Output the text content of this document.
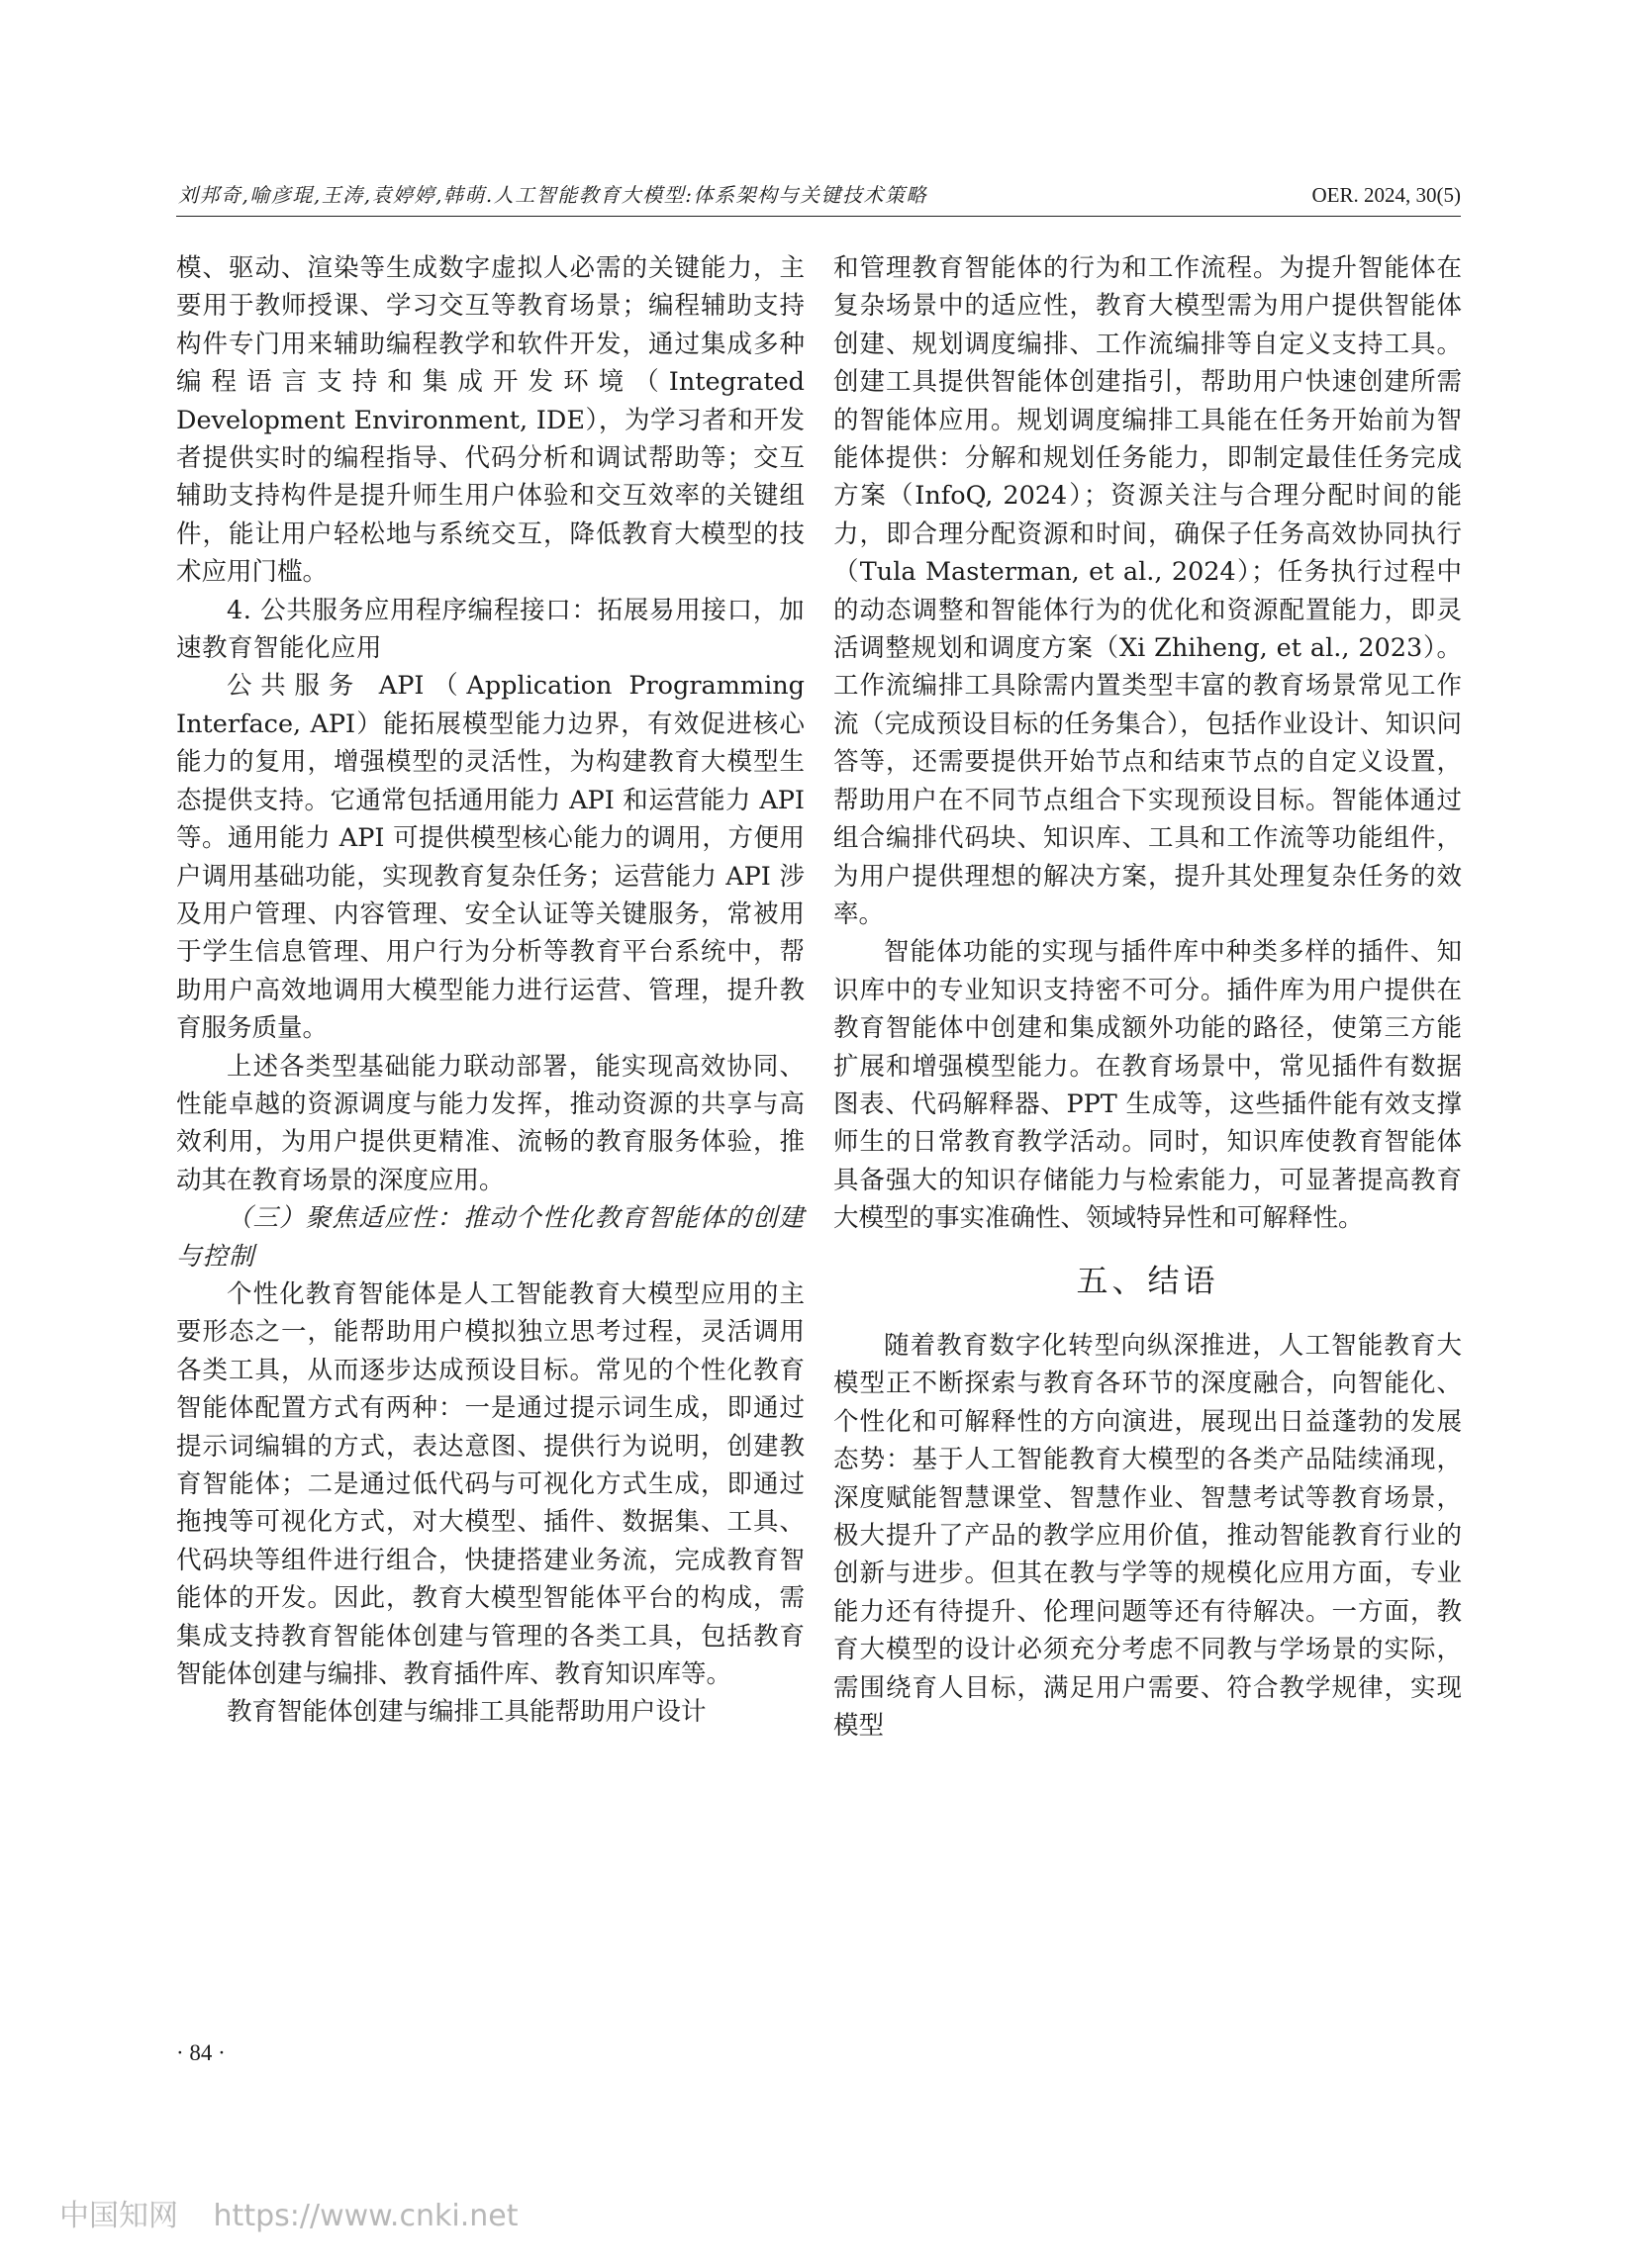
刘邦奇,喻彦琨,王涛,袁婷婷,韩萌.人工智能教育大模型:体系架构与关键技术策略	OER. 2024, 30(5)

模、驱动、渲染等生成数字虚拟人必需的关键能力，主要用于教师授课、学习交互等教育场景；编程辅助支持构件专门用来辅助编程教学和软件开发，通过集成多种编程语言支持和集成开发环境（Integrated Development Environment, IDE），为学习者和开发者提供实时的编程指导、代码分析和调试帮助等；交互辅助支持构件是提升师生用户体验和交互效率的关键组件，能让用户轻松地与系统交互，降低教育大模型的技术应用门槛。

4. 公共服务应用程序编程接口：拓展易用接口，加速教育智能化应用

公共服务 API（Application Programming Interface, API）能拓展模型能力边界，有效促进核心能力的复用，增强模型的灵活性，为构建教育大模型生态提供支持。它通常包括通用能力 API 和运营能力 API 等。通用能力 API 可提供模型核心能力的调用，方便用户调用基础功能，实现教育复杂任务；运营能力 API 涉及用户管理、内容管理、安全认证等关键服务，常被用于学生信息管理、用户行为分析等教育平台系统中，帮助用户高效地调用大模型能力进行运营、管理，提升教育服务质量。

上述各类型基础能力联动部署，能实现高效协同、性能卓越的资源调度与能力发挥，推动资源的共享与高效利用，为用户提供更精准、流畅的教育服务体验，推动其在教育场景的深度应用。

（三）聚焦适应性：推动个性化教育智能体的创建与控制

个性化教育智能体是人工智能教育大模型应用的主要形态之一，能帮助用户模拟独立思考过程，灵活调用各类工具，从而逐步达成预设目标。常见的个性化教育智能体配置方式有两种：一是通过提示词生成，即通过提示词编辑的方式，表达意图、提供行为说明，创建教育智能体；二是通过低代码与可视化方式生成，即通过拖拽等可视化方式，对大模型、插件、数据集、工具、代码块等组件进行组合，快捷搭建业务流，完成教育智能体的开发。因此，教育大模型智能体平台的构成，需集成支持教育智能体创建与管理的各类工具，包括教育智能体创建与编排、教育插件库、教育知识库等。

教育智能体创建与编排工具能帮助用户设计

和管理教育智能体的行为和工作流程。为提升智能体在复杂场景中的适应性，教育大模型需为用户提供智能体创建、规划调度编排、工作流编排等自定义支持工具。创建工具提供智能体创建指引，帮助用户快速创建所需的智能体应用。规划调度编排工具能在任务开始前为智能体提供：分解和规划任务能力，即制定最佳任务完成方案（InfoQ, 2024）；资源关注与合理分配时间的能力，即合理分配资源和时间，确保子任务高效协同执行（Tula Masterman, et al., 2024）；任务执行过程中的动态调整和智能体行为的优化和资源配置能力，即灵活调整规划和调度方案（Xi Zhiheng, et al., 2023）。工作流编排工具除需内置类型丰富的教育场景常见工作流（完成预设目标的任务集合），包括作业设计、知识问答等，还需要提供开始节点和结束节点的自定义设置，帮助用户在不同节点组合下实现预设目标。智能体通过组合编排代码块、知识库、工具和工作流等功能组件，为用户提供理想的解决方案，提升其处理复杂任务的效率。

智能体功能的实现与插件库中种类多样的插件、知识库中的专业知识支持密不可分。插件库为用户提供在教育智能体中创建和集成额外功能的路径，使第三方能扩展和增强模型能力。在教育场景中，常见插件有数据图表、代码解释器、PPT 生成等，这些插件能有效支撑师生的日常教育教学活动。同时，知识库使教育智能体具备强大的知识存储能力与检索能力，可显著提高教育大模型的事实准确性、领域特异性和可解释性。

五、结语

随着教育数字化转型向纵深推进，人工智能教育大模型正不断探索与教育各环节的深度融合，向智能化、个性化和可解释性的方向演进，展现出日益蓬勃的发展态势：基于人工智能教育大模型的各类产品陆续涌现，深度赋能智慧课堂、智慧作业、智慧考试等教育场景，极大提升了产品的教学应用价值，推动智能教育行业的创新与进步。但其在教与学等的规模化应用方面，专业能力还有待提升、伦理问题等还有待解决。一方面，教育大模型的设计必须充分考虑不同教与学场景的实际，需围绕育人目标，满足用户需要、符合教学规律，实现模型

· 84 ·
中国知网 https://www.cnki.net
